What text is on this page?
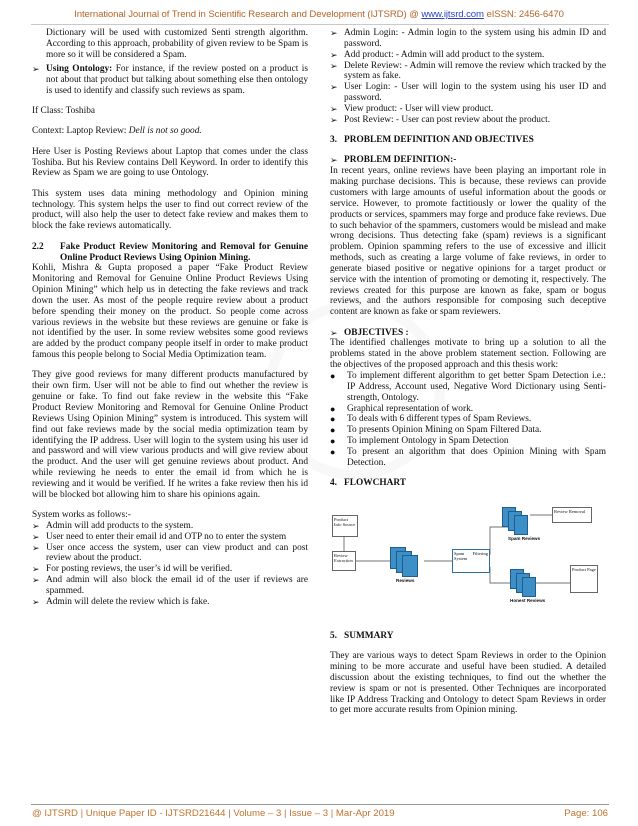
International Journal of Trend in Scientific Research and Development (IJTSRD) @ www.ijtsrd.com eISSN: 2456-6470

Dictionary will be used with customized Senti strength algorithm. According to this approach, probability of given review to be Spam is more so it will be considered a Spam.

➢ Using Ontology: For instance, if the review posted on a product is not about that product but talking about something else then ontology is used to identify and classify such reviews as spam.

If Class: Toshiba

Context: Laptop Review: Dell is not so good.

Here User is Posting Reviews about Laptop that comes under the class Toshiba. But his Review contains Dell Keyword. In order to identify this Review as Spam we are going to use Ontology.

This system uses data mining methodology and Opinion mining technology. This system helps the user to find out correct review of the product, will also help the user to detect fake review and makes them to block the fake reviews automatically.

2.2	Fake Product Review Monitoring and Removal for Genuine Online Product Reviews Using Opinion Mining.

Kohli, Mishra & Gupta proposed a paper “Fake Product Review Monitoring and Removal for Genuine Online Product Reviews Using Opinion Mining” which help us in detecting the fake reviews and track down the user. As most of the people require review about a product before spending their money on the product. So people come across various reviews in the website but these reviews are genuine or fake is not identified by the user. In some review websites some good reviews are added by the product company people itself in order to make product famous this people belong to Social Media Optimization team.

They give good reviews for many different products manufactured by their own firm. User will not be able to find out whether the review is genuine or fake. To find out fake review in the website this “Fake Product Review Monitoring and Removal for Genuine Online Product Reviews Using Opinion Mining” system is introduced. This system will find out fake reviews made by the social media optimization team by identifying the IP address. User will login to the system using his user id and password and will view various products and will give review about the product. And the user will get genuine reviews about product. And while reviewing he needs to enter the email id from which he is reviewing and it would be verified. If he writes a fake review then his id will be blocked bot allowing him to share his opinions again.

System works as follows:-

➢ Admin will add products to the system.
➢ User need to enter their email id and OTP no to enter the system
➢ User once access the system, user can view product and can post review about the product.
➢ For posting reviews, the user’s id will be verified.
➢ And admin will also block the email id of the user if reviews are spammed.
➢ Admin will delete the review which is fake.
➢ Admin Login: - Admin login to the system using his admin ID and password.
➢ Add product: - Admin will add product to the system.
➢ Delete Review: - Admin will remove the review which tracked by the system as fake.
➢ User Login: - User will login to the system using his user ID and password.
➢ View product: - User will view product.
➢ Post Review: - User can post review about the product.

3.   PROBLEM DEFINITION AND OBJECTIVES

➢ PROBLEM DEFINITION:-

In recent years, online reviews have been playing an important role in making purchase decisions. This is because, these reviews can provide customers with large amounts of useful information about the goods or service. However, to promote factitiously or lower the quality of the products or services, spammers may forge and produce fake reviews. Due to such behavior of the spammers, customers would be mislead and make wrong decisions. Thus detecting fake (spam) reviews is a significant problem. Opinion spamming refers to the use of excessive and illicit methods, such as creating a large volume of fake reviews, in order to generate biased positive or negative opinions for a target product or service with the intention of promoting or demoting it, respectively. The reviews created for this purpose are known as fake, spam or bogus reviews, and the authors responsible for composing such deceptive content are known as fake or spam reviewers.

➢ OBJECTIVES :

The identified challenges motivate to bring up a solution to all the problems stated in the above problem statement section. Following are the objectives of the proposed approach and this thesis work:

●	To implement different algorithm to get better Spam Detection i.e.: IP Address, Account used, Negative Word Dictionary using Senti-strength, Ontology.
●	Graphical representation of work.
●	To deals with 6 different types of Spam Reviews.
●	To presents Opinion Mining on Spam Filtered Data.
●	To implement Ontology in Spam Detection
●	To present an algorithm that does Opinion Mining with Spam Detection.

4.   FLOWCHART

Product Info Source
Review Extraction
Reviews
Spam Filtering System
Spam Reviews
Review Removal
Honest Reviews
Product Page

5.   SUMMARY

They are various ways to detect Spam Reviews in order to the Opinion mining to be more accurate and useful have been studied. A detailed discussion about the existing techniques, to find out the whether the review is spam or not is presented. Other Techniques are incorporated like IP Address Tracking and Ontology to detect Spam Reviews in order to get more accurate results from Opinion mining.

@ IJTSRD | Unique Paper ID - IJTSRD21644 | Volume – 3 | Issue – 3 | Mar-Apr 2019	Page: 106
